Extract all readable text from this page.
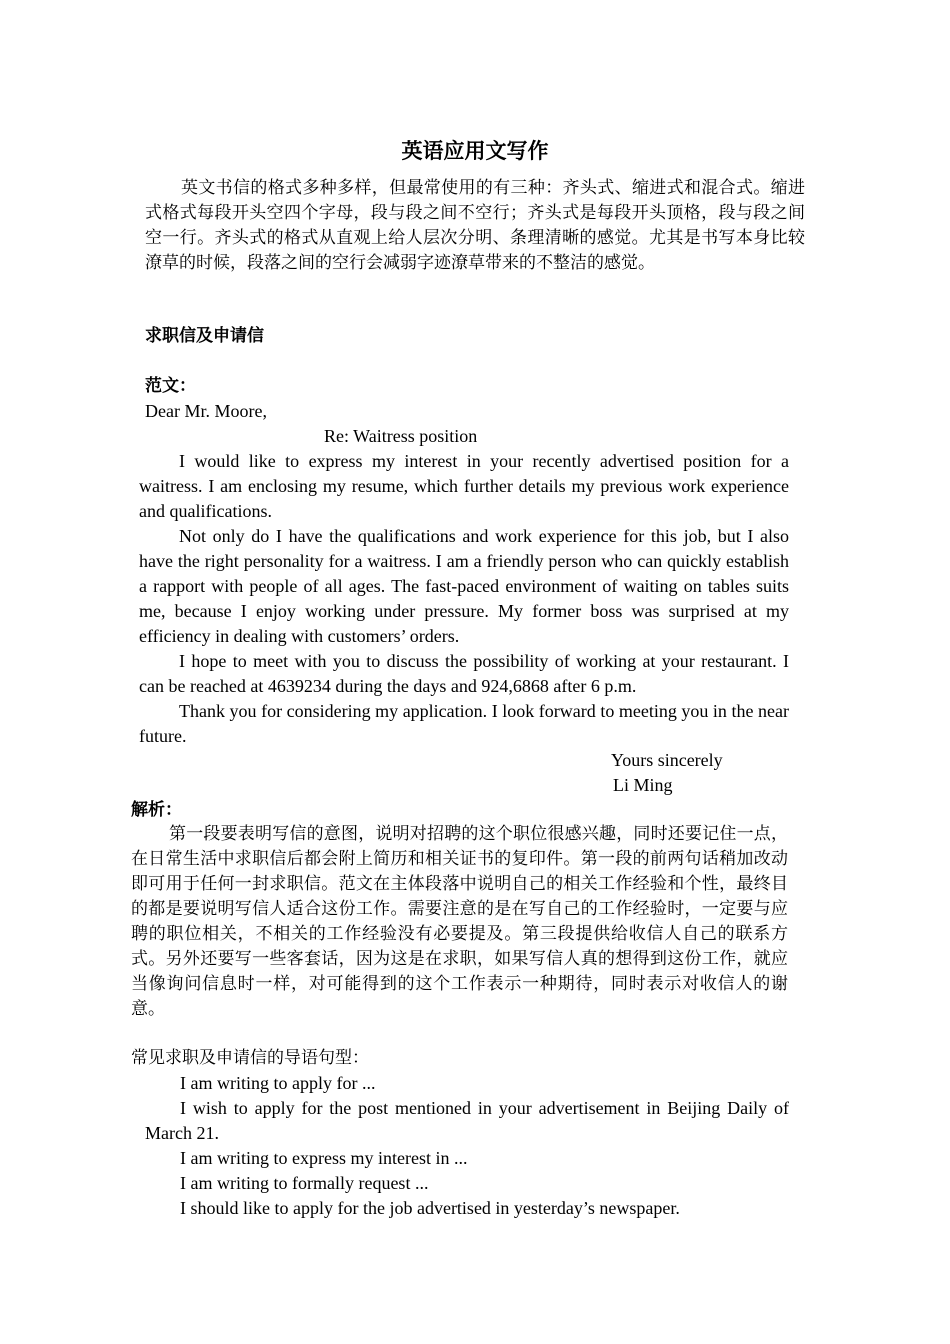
英语应用文写作
英文书信的格式多种多样，但最常使用的有三种：齐头式、缩进式和混合式。缩进式格式每段开头空四个字母，段与段之间不空行；齐头式是每段开头顶格，段与段之间空一行。齐头式的格式从直观上给人层次分明、条理清晰的感觉。尤其是书写本身比较潦草的时候，段落之间的空行会减弱字迹潦草带来的不整洁的感觉。
求职信及申请信
范文：
Dear Mr. Moore,
Re: Waitress position

I would like to express my interest in your recently advertised position for a waitress. I am enclosing my resume, which further details my previous work experience and qualifications.

Not only do I have the qualifications and work experience for this job, but I also have the right personality for a waitress. I am a friendly person who can quickly establish a rapport with people of all ages. The fast-paced environment of waiting on tables suits me, because I enjoy working under pressure. My former boss was surprised at my efficiency in dealing with customers’ orders.

I hope to meet with you to discuss the possibility of working at your restaurant. I can be reached at 4639234 during the days and 924,6868 after 6 p.m.

Thank you for considering my application. I look forward to meeting you in the near future.

Yours sincerely
Li Ming
解析：
第一段要表明写信的意图，说明对招聘的这个职位很感兴趣，同时还要记住一点，在日常生活中求职信后都会附上简历和相关证书的复印件。第一段的前两句话稍加改动即可用于任何一封求职信。范文在主体段落中说明自己的相关工作经验和个性，最终目的都是要说明写信人适合这份工作。需要注意的是在写自己的工作经验时，一定要与应聘的职位相关，不相关的工作经验没有必要提及。第三段提供给收信人自己的联系方式。另外还要写一些客套话，因为这是在求职，如果写信人真的想得到这份工作，就应当像询问信息时一样，对可能得到的这个工作表示一种期待，同时表示对收信人的谢意。
常见求职及申请信的导语句型：

I am writing to apply for ...

I wish to apply for the post mentioned in your advertisement in Beijing Daily of March 21.

I am writing to express my interest in ...

I am writing to formally request ...

I should like to apply for the job advertised in yesterday’s newspaper.
